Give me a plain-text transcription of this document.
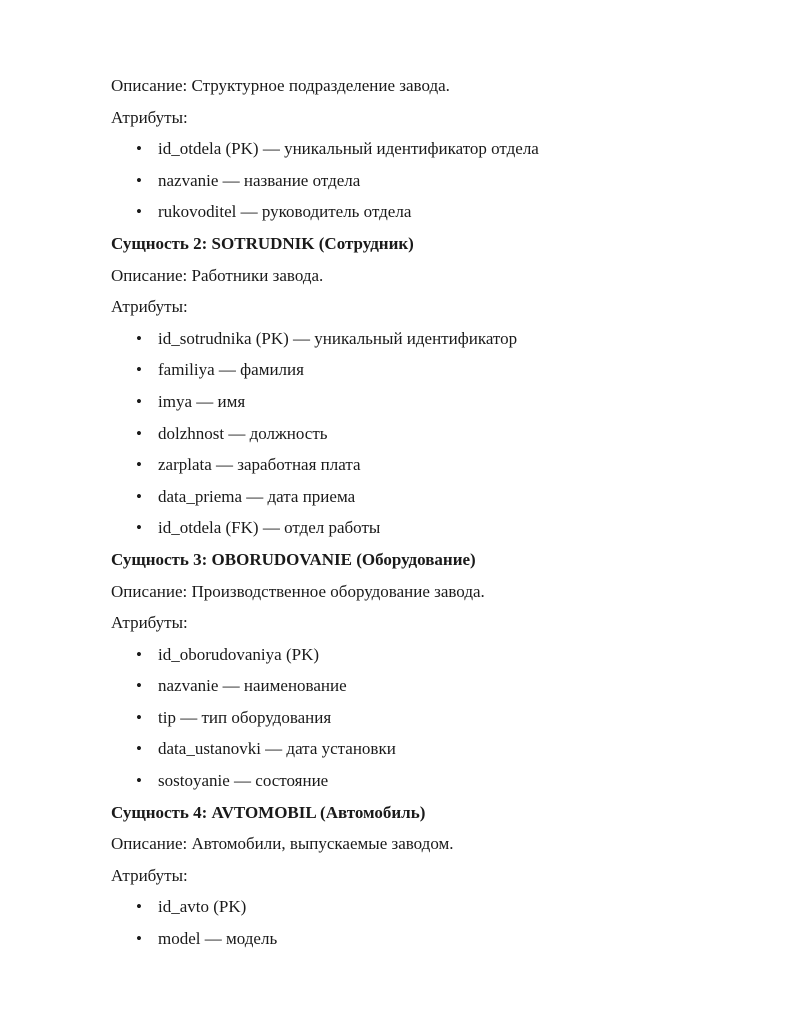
Описание: Структурное подразделение завода.

Атрибуты:

• id_otdela (PK) — уникальный идентификатор отдела
• nazvanie — название отдела
• rukovoditel — руководитель отдела

Сущность 2: SOTRUDNIK (Сотрудник)

Описание: Работники завода.

Атрибуты:

• id_sotrudnika (PK) — уникальный идентификатор
• familiya — фамилия
• imya — имя
• dolzhnost — должность
• zarplata — заработная плата
• data_priema — дата приема
• id_otdela (FK) — отдел работы

Сущность 3: OBORUDOVANIE (Оборудование)

Описание: Производственное оборудование завода.

Атрибуты:

• id_oborudovaniya (PK)
• nazvanie — наименование
• tip — тип оборудования
• data_ustanovki — дата установки
• sostoyanie — состояние

Сущность 4: AVTOMOBIL (Автомобиль)

Описание: Автомобили, выпускаемые заводом.

Атрибуты:

• id_avto (PK)
• model — модель
